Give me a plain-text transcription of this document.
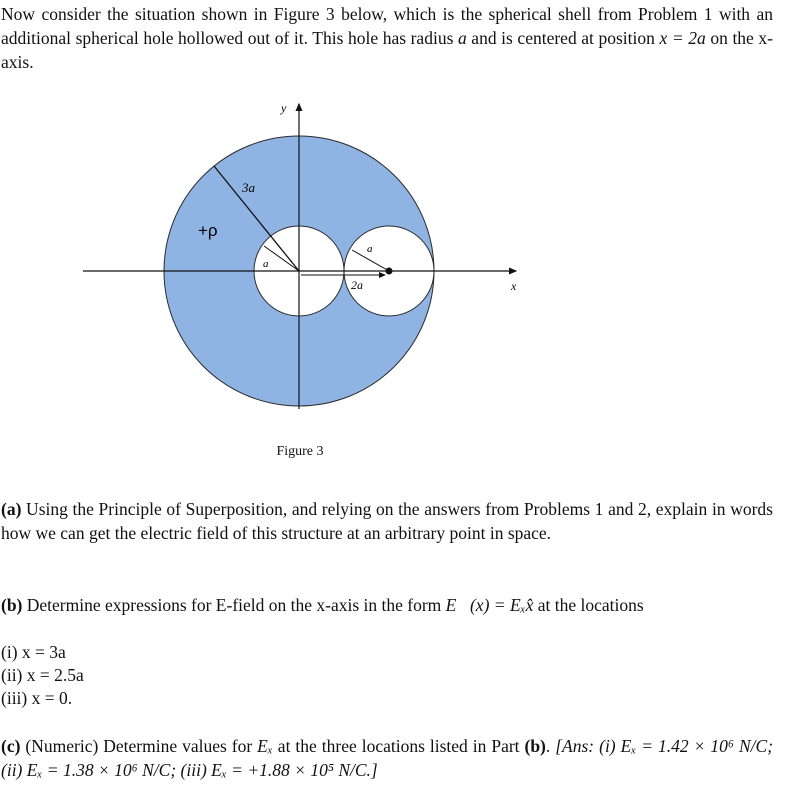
Now consider the situation shown in Figure 3 below, which is the spherical shell from Problem 1 with an additional spherical hole hollowed out of it. This hole has radius a and is centered at position x = 2a on the x- axis.
y
x
3a
+ρ
a
a
2a
Figure 3
(a) Using the Principle of Superposition, and relying on the answers from Problems 1 and 2, explain in words how we can get the electric field of this structure at an arbitrary point in space.
(b) Determine expressions for E-field on the x-axis in the form E⃗(x) = Eₓx̂ at the locations
(i) x = 3a
(ii) x = 2.5a
(iii) x = 0.
(c) (Numeric) Determine values for Eₓ at the three locations listed in Part (b). [Ans: (i) Eₓ = 1.42 × 10⁶ N/C; (ii) Eₓ = 1.38 × 10⁶ N/C; (iii) Eₓ = +1.88 × 10⁵ N/C.]
